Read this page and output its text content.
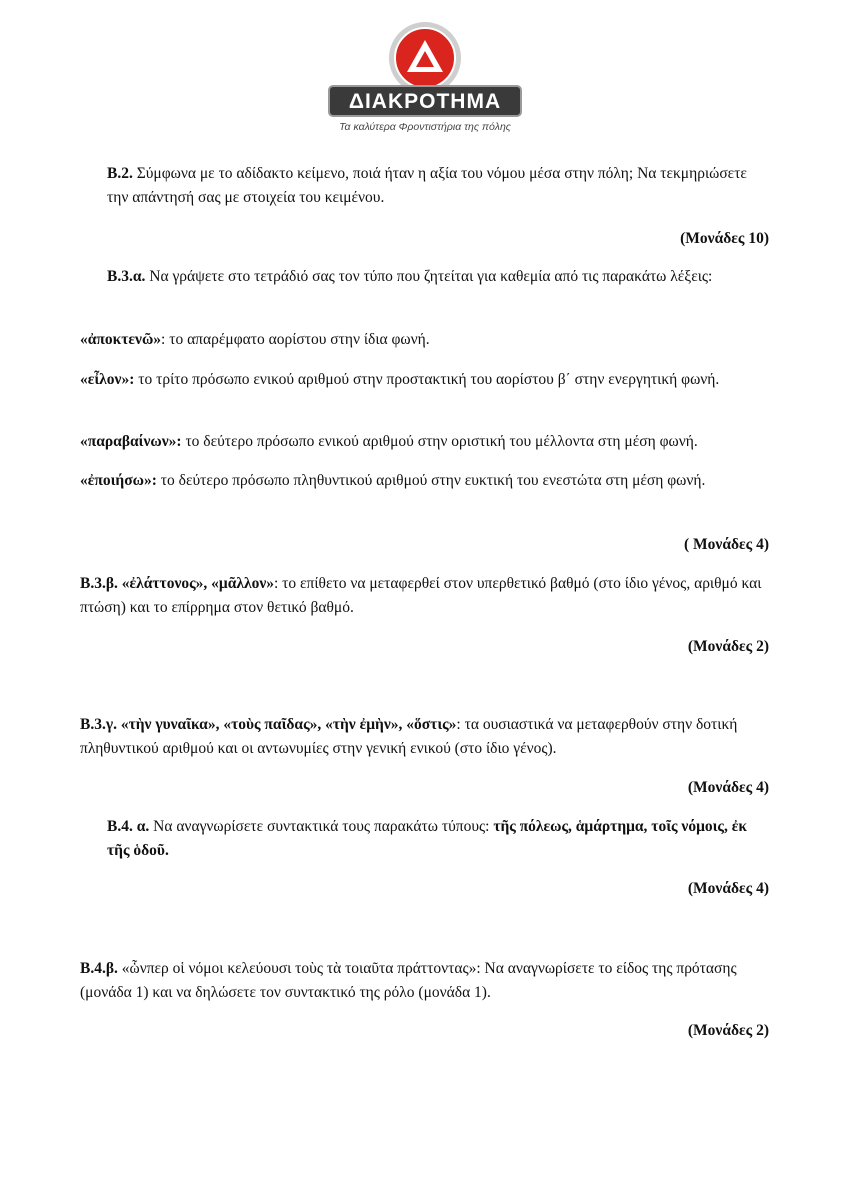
ΔΙΑΚΡΟΤΗΜΑ
Τα καλύτερα Φροντιστήρια της πόλης

Β.2. Σύμφωνα με το αδίδακτο κείμενο, ποιά ήταν η αξία του νόμου μέσα στην πόλη; Να τεκμηριώσετε την απάντησή σας με στοιχεία του κειμένου.

(Μονάδες 10)

Β.3.α. Να γράψετε στο τετράδιό σας τον τύπο που ζητείται για καθεμία από τις παρακάτω λέξεις:

«ἀποκτενῶ»: το απαρέμφατο αορίστου στην ίδια φωνή.

«εἶλον»: το τρίτο πρόσωπο ενικού αριθμού στην προστακτική του αορίστου β΄ στην ενεργητική φωνή.

«παραβαίνων»: το δεύτερο πρόσωπο ενικού αριθμού στην οριστική του μέλλοντα στη μέση φωνή.

«ἐποιήσω»: το δεύτερο πρόσωπο πληθυντικού αριθμού στην ευκτική του ενεστώτα στη μέση φωνή.

( Μονάδες 4)

Β.3.β. «ἐλάττονος», «μᾶλλον»: το επίθετο να μεταφερθεί στον υπερθετικό βαθμό (στο ίδιο γένος, αριθμό και πτώση) και το επίρρημα στον θετικό βαθμό.

(Μονάδες 2)

Β.3.γ. «τὴν γυναῖκα», «τοὺς παῖδας», «τὴν ἐμὴν», «ὅστις»: τα ουσιαστικά να μεταφερθούν στην δοτική πληθυντικού αριθμού και οι αντωνυμίες στην γενική ενικού (στο ίδιο γένος).

(Μονάδες 4)

Β.4. α. Να αναγνωρίσετε συντακτικά τους παρακάτω τύπους: τῆς πόλεως, ἁμάρτημα, τοῖς νόμοις, ἐκ τῆς ὁδοῦ.

(Μονάδες 4)

Β.4.β. «ὧνπερ οἱ νόμοι κελεύουσι τοὺς τὰ τοιαῦτα πράττοντας»: Να αναγνωρίσετε το είδος της πρότασης (μονάδα 1) και να δηλώσετε τον συντακτικό της ρόλο (μονάδα 1).

(Μονάδες 2)
